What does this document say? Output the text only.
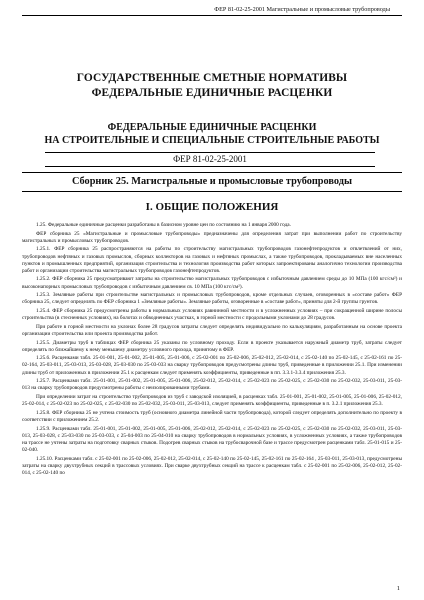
ФЕР 81-02-25-2001 Магистральные и промысловые трубопроводы
ГОСУДАРСТВЕННЫЕ СМЕТНЫЕ НОРМАТИВЫ
ФЕДЕРАЛЬНЫЕ ЕДИНИЧНЫЕ РАСЦЕНКИ
ФЕДЕРАЛЬНЫЕ ЕДИНИЧНЫЕ РАСЦЕНКИ
НА СТРОИТЕЛЬНЫЕ И СПЕЦИАЛЬНЫЕ СТРОИТЕЛЬНЫЕ РАБОТЫ
ФЕР 81-02-25-2001
Сборник 25. Магистральные и промысловые трубопроводы
I. ОБЩИЕ ПОЛОЖЕНИЯ

1.25. Федеральные единичные расценки разработаны в базисном уровне цен по состоянию на 1 января 2000 года.

ФЕР сборника 25 «Магистральные и промысловые трубопроводы» предназначены для определения затрат при выполнении работ по строительству магистральных и промысловых трубопроводов.

1.25.1. ФЕР сборника 25 распространяются на работы по строительству магистральных трубопроводов газонефтепродуктов и отвлетвлений от них, трубопроводов нефтяных и газовых промыслов, сборных коллекторов на газовых и нефтяных промыслах, а также трубопроводов, прокладываемых вне населенных пунктов и промышленных предприятий, организация строительства и технология производства работ которых запроектированы аналогично технологии производства работ и организации строительства магистральных трубопроводов газонефтепродуктов.

1.25.2. ФЕР сборника 25 предусматривают затраты на строительство магистральных трубопроводов с избыточным давлением среды до 10 MПа (100 кгс/см²) и высоконапорных промысловых трубопроводов с избыточным давлением св. 10 MПа (100 кгс/см²).

1.25.3. Земляные работы при строительстве магистральных и промысловых трубопроводов, кроме отдельных случаев, оговоренных в «составе работ» ФЕР сборника 25, следует определять по ФЕР сборника 1 «Земляные работы». Земляные работы, оговоренные в «составе работ», приняты для 2-й группы грунтов.

1.25.4. ФЕР сборника 25 предусмотрены работы в нормальных условиях равнинной местности и в усложненных условиях – при сокращенной ширине полосы строительства (в стесненных условиях), на болотах и обводненных участках, в горной местности с продольными уклонами до 28 градусов.

При работе в горной местности на уклонах более 28 градусов затраты следует определять индивидуально по калькуляциям, разработанным на основе проекта организации строительства или проекта производства работ.

1.25.5. Диаметры труб в таблицах ФЕР сборника 25 указаны по условному проходу. Если в проекте указывается наружный диаметр труб, затраты следует определять по ближайшему к нему меньшему диаметру условного прохода, принятому в ФЕР.

1.25.6. Расценками табл. 25-01-001, 25-01-002, 25-01-005, 25-01-006, с 25-02-001 по 25-02-006, 25-02-012, 25-02-014, с 25-02-140 по 25-02-145, с 25-02-161 по 25-02-164, 25-03-011, 25-03-013, 25-03-028, 25-03-030 по 25-03-033 на сварку трубопроводов предусмотрены длины труб, приведенные в приложении 25.1. При изменении длины труб от приложенных в приложении 25.1 к расценкам следует применять коэффициенты, приведенные в пп. 3.3.1-3.3.4 приложения 25.3.

1.25.7. Расценками табл. 25-01-001, 25-01-002, 25-01-005, 25-01-006, 25-02-012, 25-02-014, с 25-02-023 по 25-02-025, с 25-02-030 по 25-02-032, 25-03-011, 25-03-013 на сварку трубопроводов предусмотрены работы с неизолированными трубами.

При определении затрат на строительство трубопроводов из труб с заводской изоляцией, в расценках табл. 25-01-001, 25-01-002, 25-01-005, 25-01-006, 25-02-012, 25-02-014, с 25-02-023 по 25-02-025, с 25-02-030 по 25-02-032, 25-03-011, 25-03-013, следует применять коэффициенты, приведенные в п. 3.2.1 приложения 25.3.

1.25.8. ФЕР сборника 25 не учтена стоимость труб (основного диаметра линейной части трубопровода), которой следует определять дополнительно по проекту в соответствии с приложением 25.2.

1.25.9. Расценками табл. 25-01-001, 25-01-002, 25-01-005, 25-01-006, 25-02-012, 25-02-014, с 25-02-023 по 25-02-025, с 25-02-030 по 25-02-032, 25-03-011, 25-03-013, 25-03-028, с 25-03-030 по 25-03-033, с 25-04-003 по 25-04-010 на сварку трубопроводов в нормальных условиях, в усложненных условиях, а также трубопроводов на трассе не учтены затраты на подготовку сварных стыков. Подогрев сварных стыков на трубосварочной базе и трассе предусмотрен расценками табл. 25-01-015 и 25-02-040.

1.25.10. Расценками табл. с 25-02-001 по 25-02-006, 25-02-012, 25-02-014, с 25-02-140 по 25-02-145, 25-02-161 по 25-02-164 , 25-03-011, 25-03-013, предусмотрены затраты на сварку двухтрубных секций в трассовых условиях. При сварке двухтрубных секций на трассе к расценкам табл. с 25-02-001 по 25-02-006, 25-02-012, 25-02-014, с 25-02-140 по

1
